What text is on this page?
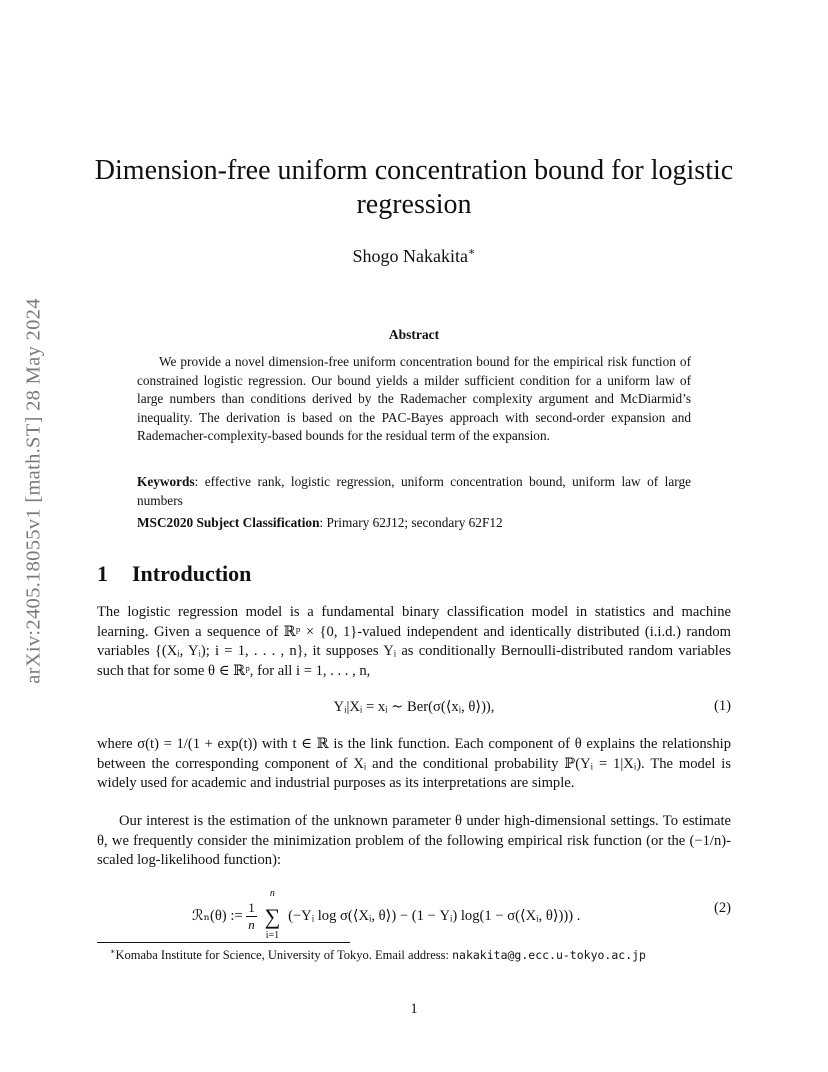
arXiv:2405.18055v1 [math.ST] 28 May 2024
Dimension-free uniform concentration bound for logistic regression
Shogo Nakakita∗
Abstract
We provide a novel dimension-free uniform concentration bound for the empirical risk function of constrained logistic regression. Our bound yields a milder sufficient condition for a uniform law of large numbers than conditions derived by the Rademacher complexity argument and McDiarmid’s inequality. The derivation is based on the PAC-Bayes approach with second-order expansion and Rademacher-complexity-based bounds for the residual term of the expansion.
Keywords: effective rank, logistic regression, uniform concentration bound, uniform law of large numbers
MSC2020 Subject Classification: Primary 62J12; secondary 62F12
1 Introduction
The logistic regression model is a fundamental binary classification model in statistics and machine learning. Given a sequence of ℝᵖ × {0, 1}-valued independent and identically distributed (i.i.d.) random variables {(Xᵢ, Yᵢ); i = 1, . . . , n}, it supposes Yᵢ as conditionally Bernoulli-distributed random variables such that for some θ ∈ ℝᵖ, for all i = 1, . . . , n,
Yᵢ|Xᵢ = xᵢ ∼ Ber(σ(⟨xᵢ, θ⟩)),	(1)
where σ(t) = 1/(1 + exp(t)) with t ∈ ℝ is the link function. Each component of θ explains the relationship between the corresponding component of Xᵢ and the conditional probability ℙ(Yᵢ = 1|Xᵢ). The model is widely used for academic and industrial purposes as its interpretations are simple.
Our interest is the estimation of the unknown parameter θ under high-dimensional settings. To estimate θ, we frequently consider the minimization problem of the following empirical risk function (or the (−1/n)-scaled log-likelihood function):
ℛₙ(θ) := $\frac{1}{n}$ ∑
n
i=1
(−Yᵢ log σ(⟨Xᵢ, θ⟩) − (1 − Yᵢ) log(1 − σ(⟨Xᵢ, θ⟩))) .	(2)
∗Komaba Institute for Science, University of Tokyo. Email address: nakakita@g.ecc.u-tokyo.ac.jp
1
